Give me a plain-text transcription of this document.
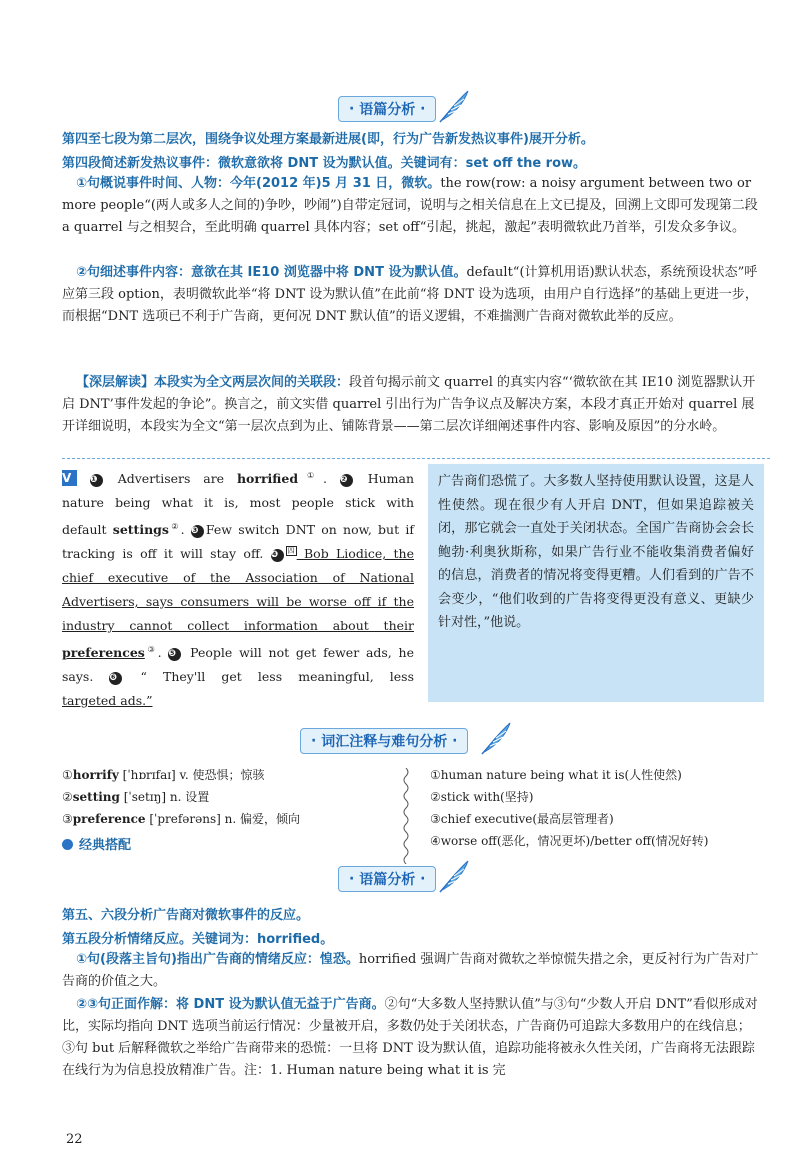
· 语篇分析 ·
第四至七段为第二层次，围绕争议处理方案最新进展(即，行为广告新发热议事件)展开分析。
第四段简述新发热议事件：微软意欲将 DNT 设为默认值。关键词有：set off the row。

①句概说事件时间、人物：今年(2012 年)5 月 31 日，微软。the row(row: a noisy argument between two or more people“(两人或多人之间的)争吵，吵闹”)自带定冠词，说明与之相关信息在上文已提及，回溯上文即可发现第二段 a quarrel 与之相契合，至此明确 quarrel 具体内容；set off“引起，挑起，激起”表明微软此乃首举，引发众多争议。

②句细述事件内容：意欲在其 IE10 浏览器中将 DNT 设为默认值。default“(计算机用语)默认状态，系统预设状态”呼应第三段 option，表明微软此举“将 DNT 设为默认值”在此前“将 DNT 设为选项，由用户自行选择”的基础上更进一步，而根据“DNT 选项已不利于广告商，更何况 DNT 默认值”的语义逻辑，不难揣测广告商对微软此举的反应。

【深层解读】本段实为全文两层次间的关联段：段首句揭示前文 quarrel 的真实内容“‘微软欲在其 IE10 浏览器默认开启 DNT’事件发起的争论”。换言之，前文实借 quarrel 引出行为广告争议点及解决方案，本段才真正开始对 quarrel 展开详细说明，本段实为全文“第一层次点到为止、铺陈背景——第二层次详细阐述事件内容、影响及原因”的分水岭。

V ❶ Advertisers are horrified①. ❷ Human
nature being what it is, most people stick with
default settings②. ❸ Few switch DNT on now, but if
tracking is off it will stay off. ❹ 四 Bob Liodice, the
chief executive of the Association of National
Advertisers, says consumers will be worse off if the
industry cannot collect information about their
preferences③. ❺ People will not get fewer ads, he
says. ❻ “ They'll get less meaningful, less
targeted ads.”
广告商们恐慌了。大多数人坚持使用默认设置，这是人性使然。现在很少有人开启 DNT，但如果追踪被关闭，那它就会一直处于关闭状态。全国广告商协会会长鲍勃·利奥狄斯称，如果广告行业不能收集消费者偏好的信息，消费者的情况将变得更糟。人们看到的广告不会变少，“他们收到的广告将变得更没有意义、更缺少针对性，”他说。
· 词汇注释与难句分析 ·
①horrify [ˈhɒrɪfaɪ] v. 使恐惧；惊骇
②setting [ˈsetɪŋ] n. 设置
③preference [ˈprefərəns] n. 偏爱，倾向
①human nature being what it is(人性使然)
②stick with(坚持)
③chief executive(最高层管理者)
④worse off(恶化，情况更坏)/better off(情况好转)
经典搭配
· 语篇分析 ·
第五、六段分析广告商对微软事件的反应。
第五段分析情绪反应。关键词为：horrified。

①句(段落主旨句)指出广告商的情绪反应：惶恐。horrified 强调广告商对微软之举惊慌失措之余，更反衬行为广告对广告商的价值之大。

②③句正面作解：将 DNT 设为默认值无益于广告商。②句“大多数人坚持默认值”与③句“少数人开启 DNT”看似形成对比，实际均指向 DNT 选项当前运行情况：少量被开启，多数仍处于关闭状态，广告商仍可追踪大多数用户的在线信息；③句 but 后解释微软之举给广告商带来的恐慌：一旦将 DNT 设为默认值，追踪功能将被永久性关闭，广告商将无法跟踪在线行为为信息投放精准广告。注：1. Human nature being what it is 完

22
